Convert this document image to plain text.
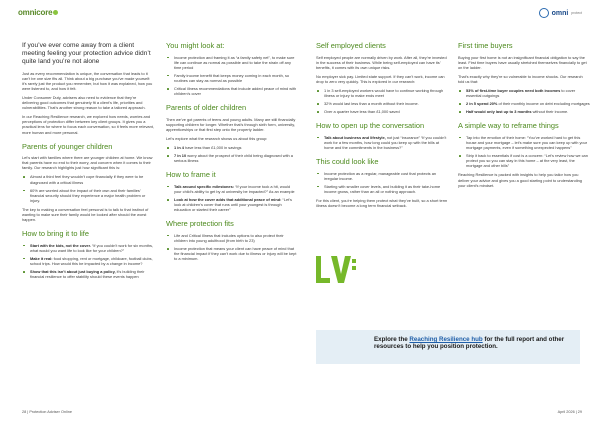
omnicore	omni protect

If you’ve ever come away from a client meeting feeling your protection advice didn’t quite land you’re not alone

Just as every recommendation is unique, the conversation that leads to it can’t be one size fits all. Think about a big purchase you’ve made yourself: it’s rarely just the product you remember, but how it was explained, how you were listened to, and how it felt.

Under Consumer Duty, advisers also need to evidence that they’re delivering good outcomes that genuinely fit a client’s life, priorities and vulnerabilities. That’s another strong reason to take a tailored approach.

In our Reaching Resilience research, we explored how needs, worries and perceptions of protection differ between key client groups. It gives you a practical lens for where to focus each conversation, so it feels more relevant, more human and more personal.

Parents of younger children

Let’s start with families where there are younger children at home. We know that parents have no end to their worry, and concern when it comes to their family. Our research highlights just how significant this is:

Almost a third feel they wouldn’t cope financially if they were to be diagnosed with a critical illness
60% are worried about the impact of their own and their families’ financial security should they experience a major health problem or injury.

The key to making a conversation feel personal is to talk to that instinct of wanting to make sure their family would be looked after should the worst happen.

How to bring it to life
Start with the kids, not the cover. “If you couldn’t work for six months, what would you want life to look like for your children?”
Make it real: food shopping, rent or mortgage, childcare, football clubs, school trips. How would this be impacted by a change in income?
Show that this isn’t about just buying a policy, it’s building their financial resilience to offer stability should these events happen
You might look at:
Income protection and framing it as “a family safety net”, to make sure life can continue as normal as possible and to take the strain off any time period
Family income benefit that keeps money coming in each month, so routines can stay as normal as possible
Critical illness recommendations that include added peace of mind with children’s cover
Parents of older children

Then we’ve got parents of teens and young adults. Many are still financially supporting children for longer. Whether that’s through sixth form, university, apprenticeships or that first step onto the property ladder.

Let’s explore what the research shows us about this group:

1 in 4 have less than £1,000 in savings
7 in 10 worry about the prospect of their child being diagnosed with a serious illness
How to frame it
Talk around specific milestones: “If your income took a hit, would your child’s ability to get by at university be impacted?” As an example
Look at how the cover adds that additional peace of mind: “Let’s look at children’s cover that runs until your youngest is through education or started their career”
Where protection fits
Life and Critical Illness that includes options to also protect their children into young adulthood (from birth to 23)
Income protection that means your client can have peace of mind that the financial impact if they can’t work due to illness or injury will be kept to a minimum.
Self employed clients

Self employed people are normally driven by work. After all, they’re invested in the success of their business. While being self-employed can have its’ benefits, it comes with its own unique risks.

No employer sick pay. Limited state support. If they can’t work, income can drop to zero very quickly. This is explored in our research:

1 in 3 self-employed workers would have to continue working through illness or injury to make ends meet
32% would last less than a month without their income.
Over a quarter have less than £1,000 saved
How to open up the conversation
Talk about business and lifestyle, not just “insurance” “If you couldn’t work for a few months, how long could you keep up with the bills at home and the commitments in the business?”
This could look like
Income protection as a regular, manageable cost that protects an irregular income.
Starting with smaller cover levels, and building it as their take-home income grows, rather than an all or nothing approach.

For this client, you’re helping them protect what they’ve built, so a short term illness doesn’t become a long term financial setback.

First time buyers

Buying your first home is not an insignificant financial obligation to say the least. First time buyers have usually stretched themselves financially to get on the ladder.

That’s exactly why they’re so vulnerable to income shocks. Our research told us that:

53% of first-time buyer couples need both incomes to cover essential outgoings
2 in 5 spend 20% of their monthly income on debt excluding mortgages
Half would only last up to 3 months without their income.
A simple way to reframe things
Tap into the emotion of their home: “You’ve worked hard to get this house and your mortgage – let’s make sure you can keep up with your mortgage payments, even if something unexpected happens”
Strip it back to essentials if cost is a concern: “Let’s review how we can protect you so you can stay in this home – at the very least, the mortgage and other bills”

Reaching Resilience is packed with insights to help you tailor how you deliver your advice and gives you a good starting point to understanding your client’s mindset.

Explore the Reaching Resilience hub for the full report and other resources to help you position protection.
28 | Protection Adviser Online	April 2026 | 29
